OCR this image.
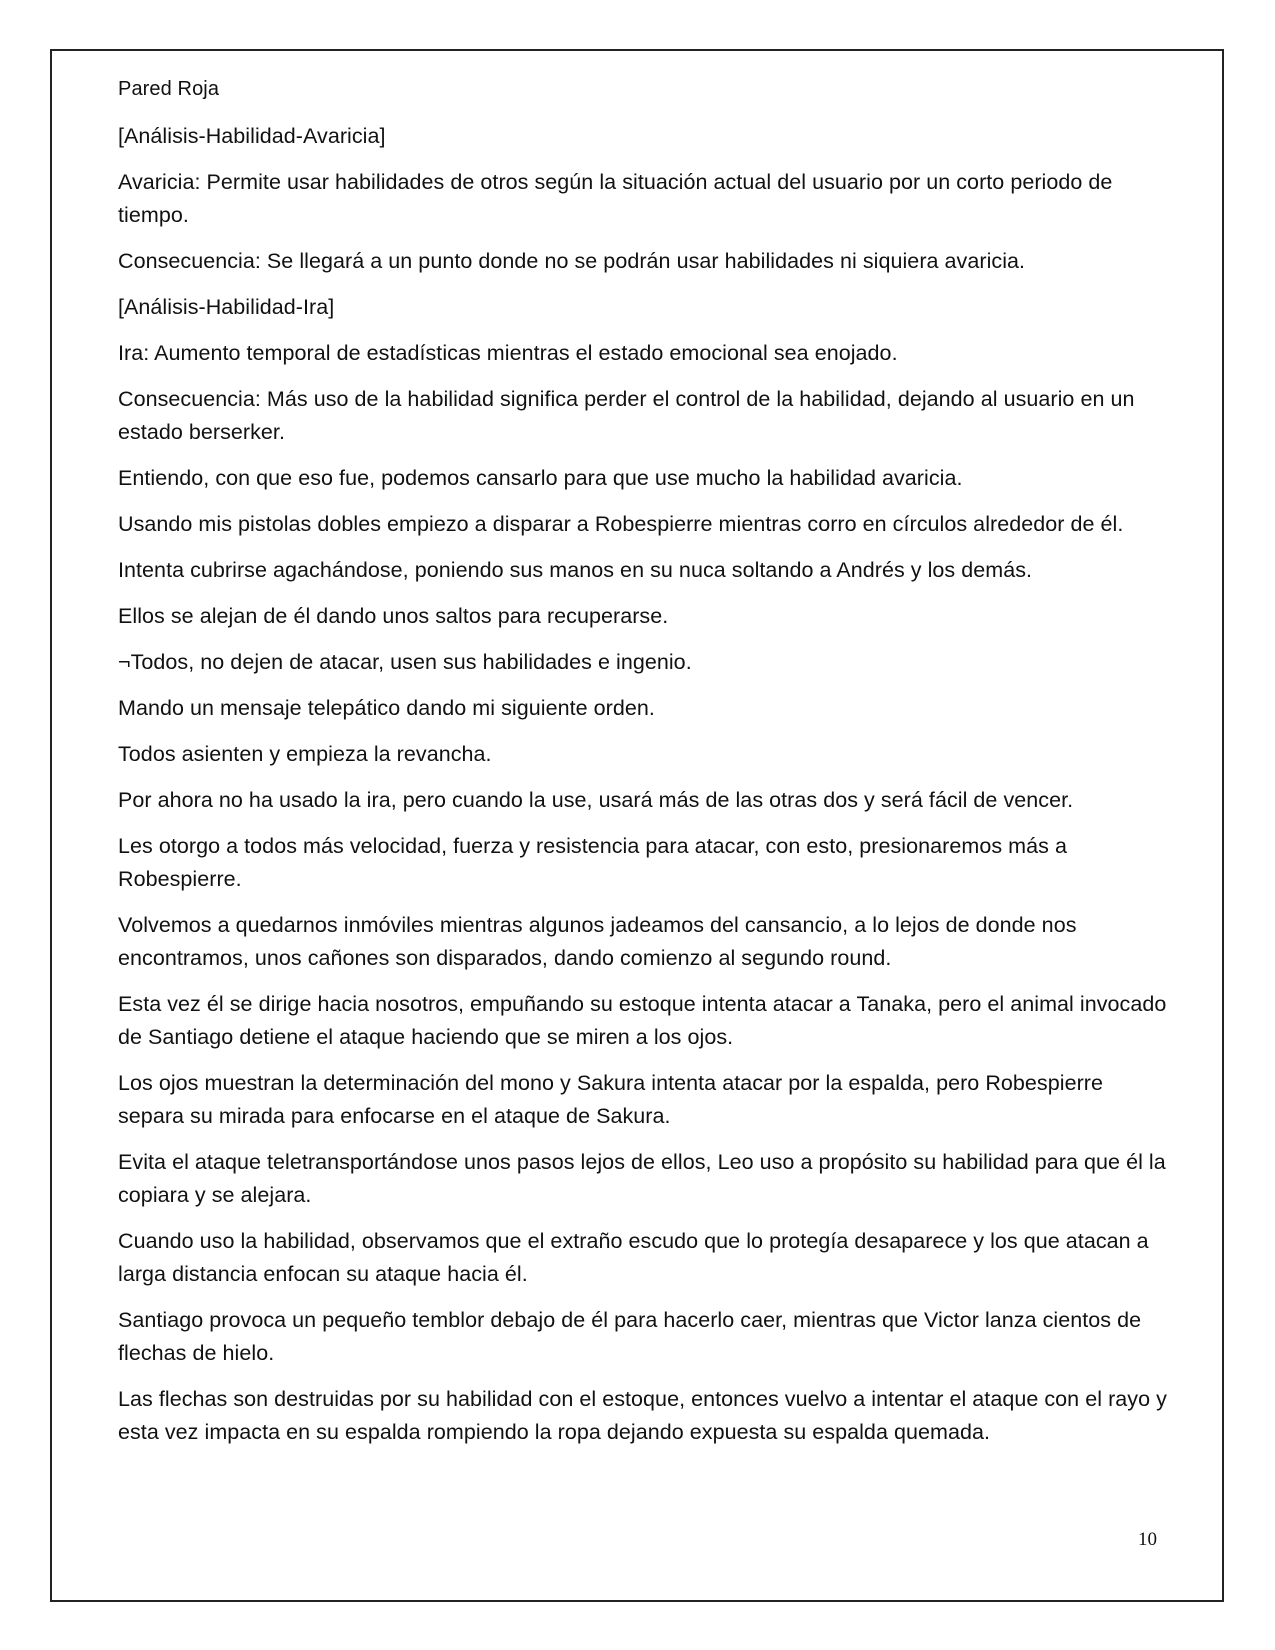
Pared Roja

[Análisis-Habilidad-Avaricia]

Avaricia: Permite usar habilidades de otros según la situación actual del usuario por un corto periodo de tiempo.

Consecuencia: Se llegará a un punto donde no se podrán usar habilidades ni siquiera avaricia.

[Análisis-Habilidad-Ira]

Ira: Aumento temporal de estadísticas mientras el estado emocional sea enojado.

Consecuencia: Más uso de la habilidad significa perder el control de la habilidad, dejando al usuario en un estado berserker.

Entiendo, con que eso fue, podemos cansarlo para que use mucho la habilidad avaricia.

Usando mis pistolas dobles empiezo a disparar a Robespierre mientras corro en círculos alrededor de él.

Intenta cubrirse agachándose, poniendo sus manos en su nuca soltando a Andrés y los demás.

Ellos se alejan de él dando unos saltos para recuperarse.

¬Todos, no dejen de atacar, usen sus habilidades e ingenio.

Mando un mensaje telepático dando mi siguiente orden.

Todos asienten y empieza la revancha.

Por ahora no ha usado la ira, pero cuando la use, usará más de las otras dos y será fácil de vencer.

Les otorgo a todos más velocidad, fuerza y resistencia para atacar, con esto, presionaremos más a Robespierre.

Volvemos a quedarnos inmóviles mientras algunos jadeamos del cansancio, a lo lejos de donde nos encontramos, unos cañones son disparados, dando comienzo al segundo round.

Esta vez él se dirige hacia nosotros, empuñando su estoque intenta atacar a Tanaka, pero el animal invocado de Santiago detiene el ataque haciendo que se miren a los ojos.

Los ojos muestran la determinación del mono y Sakura intenta atacar por la espalda, pero Robespierre separa su mirada para enfocarse en el ataque de Sakura.

Evita el ataque teletransportándose unos pasos lejos de ellos, Leo uso a propósito su habilidad para que él la copiara y se alejara.

Cuando uso la habilidad, observamos que el extraño escudo que lo protegía desaparece y los que atacan a larga distancia enfocan su ataque hacia él.

Santiago provoca un pequeño temblor debajo de él para hacerlo caer, mientras que Victor lanza cientos de flechas de hielo.

Las flechas son destruidas por su habilidad con el estoque, entonces vuelvo a intentar el ataque con el rayo y esta vez impacta en su espalda rompiendo la ropa dejando expuesta su espalda quemada.

10
